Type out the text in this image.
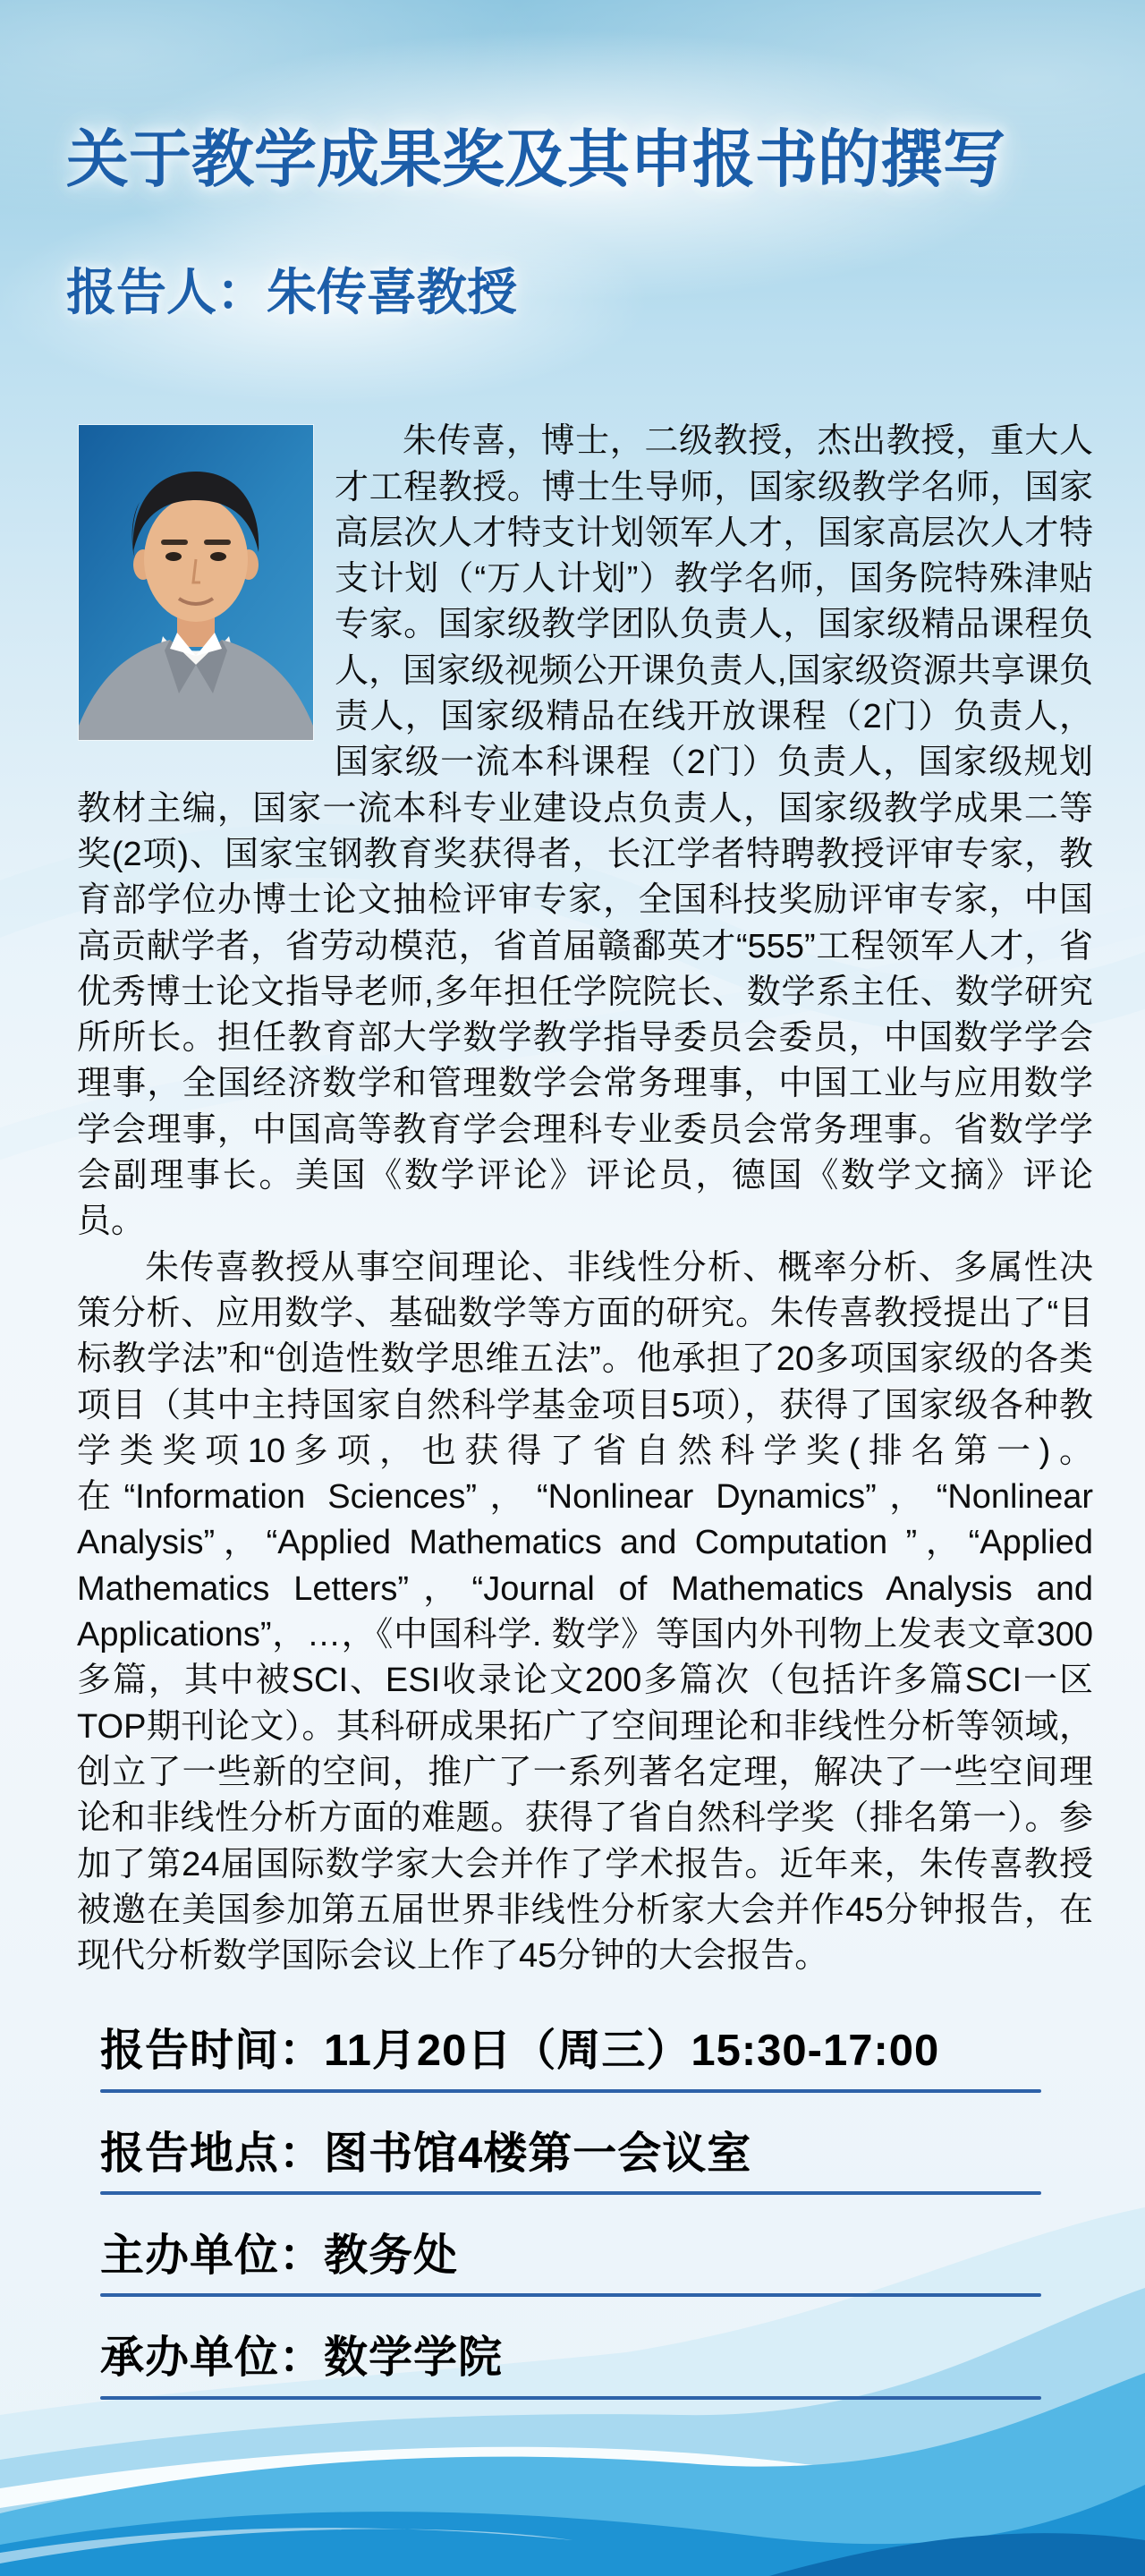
关于教学成果奖及其申报书的撰写
报告人：朱传喜教授

朱传喜，博士，二级教授，杰出教授，重大人才工程教授。博士生导师，国家级教学名师，国家高层次人才特支计划领军人才，国家高层次人才特支计划（“万人计划”）教学名师，国务院特殊津贴专家。国家级教学团队负责人，国家级精品课程负人，国家级视频公开课负责人,国家级资源共享课负责人，国家级精品在线开放课程（2门）负责人，国家级一流本科课程（2门）负责人，国家级规划教材主编，国家一流本科专业建设点负责人，国家级教学成果二等奖(2项)、国家宝钢教育奖获得者，长江学者特聘教授评审专家，教育部学位办博士论文抽检评审专家，全国科技奖励评审专家，中国高贡献学者，省劳动模范，省首届赣鄱英才“555”工程领军人才，省优秀博士论文指导老师,多年担任学院院长、数学系主任、数学研究所所长。担任教育部大学数学教学指导委员会委员，中国数学学会理事，全国经济数学和管理数学会常务理事，中国工业与应用数学学会理事，中国高等教育学会理科专业委员会常务理事。省数学学会副理事长。美国《数学评论》评论员，德国《数学文摘》评论员。

朱传喜教授从事空间理论、非线性分析、概率分析、多属性决策分析、应用数学、基础数学等方面的研究。朱传喜教授提出了“目标教学法”和“创造性数学思维五法”。他承担了20多项国家级的各类项目（其中主持国家自然科学基金项目5项），获得了国家级各种教学类奖项10多项，也获得了省自然科学奖(排名第一)。在“Information Sciences”，“Nonlinear Dynamics”，“Nonlinear Analysis”，“Applied Mathematics and Computation ”，“Applied Mathematics Letters”，“Journal of Mathematics Analysis and Applications”，…，《中国科学. 数学》等国内外刊物上发表文章300多篇，其中被SCI、ESI收录论文200多篇次（包括许多篇SCI一区TOP期刊论文）。其科研成果拓广了空间理论和非线性分析等领域，创立了一些新的空间，推广了一系列著名定理，解决了一些空间理论和非线性分析方面的难题。获得了省自然科学奖（排名第一）。参加了第24届国际数学家大会并作了学术报告。近年来，朱传喜教授被邀在美国参加第五届世界非线性分析家大会并作45分钟报告，在现代分析数学国际会议上作了45分钟的大会报告。

报告时间：11月20日（周三）15:30-17:00
报告地点：图书馆4楼第一会议室
主办单位：教务处
承办单位：数学学院
